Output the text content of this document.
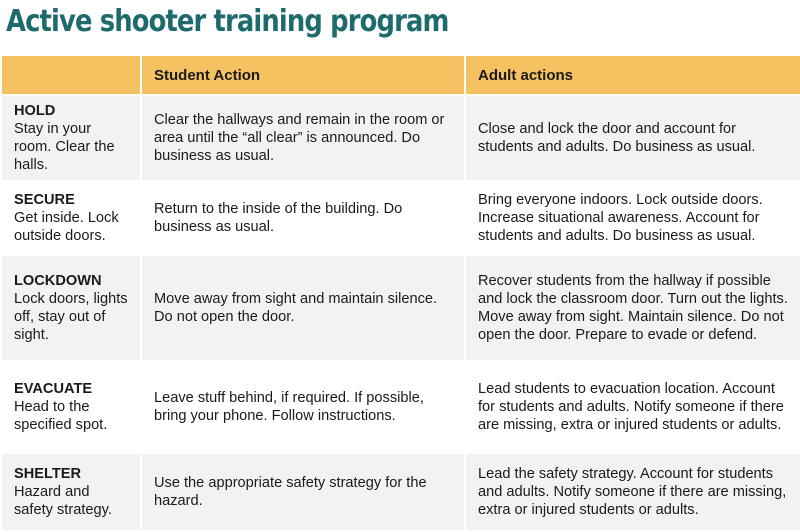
Active shooter training program
	Student Action	Adult actions

HOLD
Stay in your room. Clear the halls.	Clear the hallways and remain in the room or area until the “all clear” is announced. Do business as usual.	Close and lock the door and account for students and adults. Do business as usual.

SECURE
Get inside. Lock outside doors.	Return to the inside of the building. Do business as usual.	Bring everyone indoors. Lock outside doors. Increase situational awareness. Account for students and adults. Do business as usual.

LOCKDOWN
Lock doors, lights off, stay out of sight.	Move away from sight and maintain silence. Do not open the door.	Recover students from the hallway if possible and lock the classroom door. Turn out the lights. Move away from sight. Maintain silence. Do not open the door. Prepare to evade or defend.

EVACUATE
Head to the specified spot.	Leave stuff behind, if required. If possible, bring your phone. Follow instructions.	Lead students to evacuation location. Account for students and adults. Notify someone if there are missing, extra or injured students or adults.

SHELTER
Hazard and safety strategy.	Use the appropriate safety strategy for the hazard.	Lead the safety strategy. Account for students and adults. Notify someone if there are missing, extra or injured students or adults.
